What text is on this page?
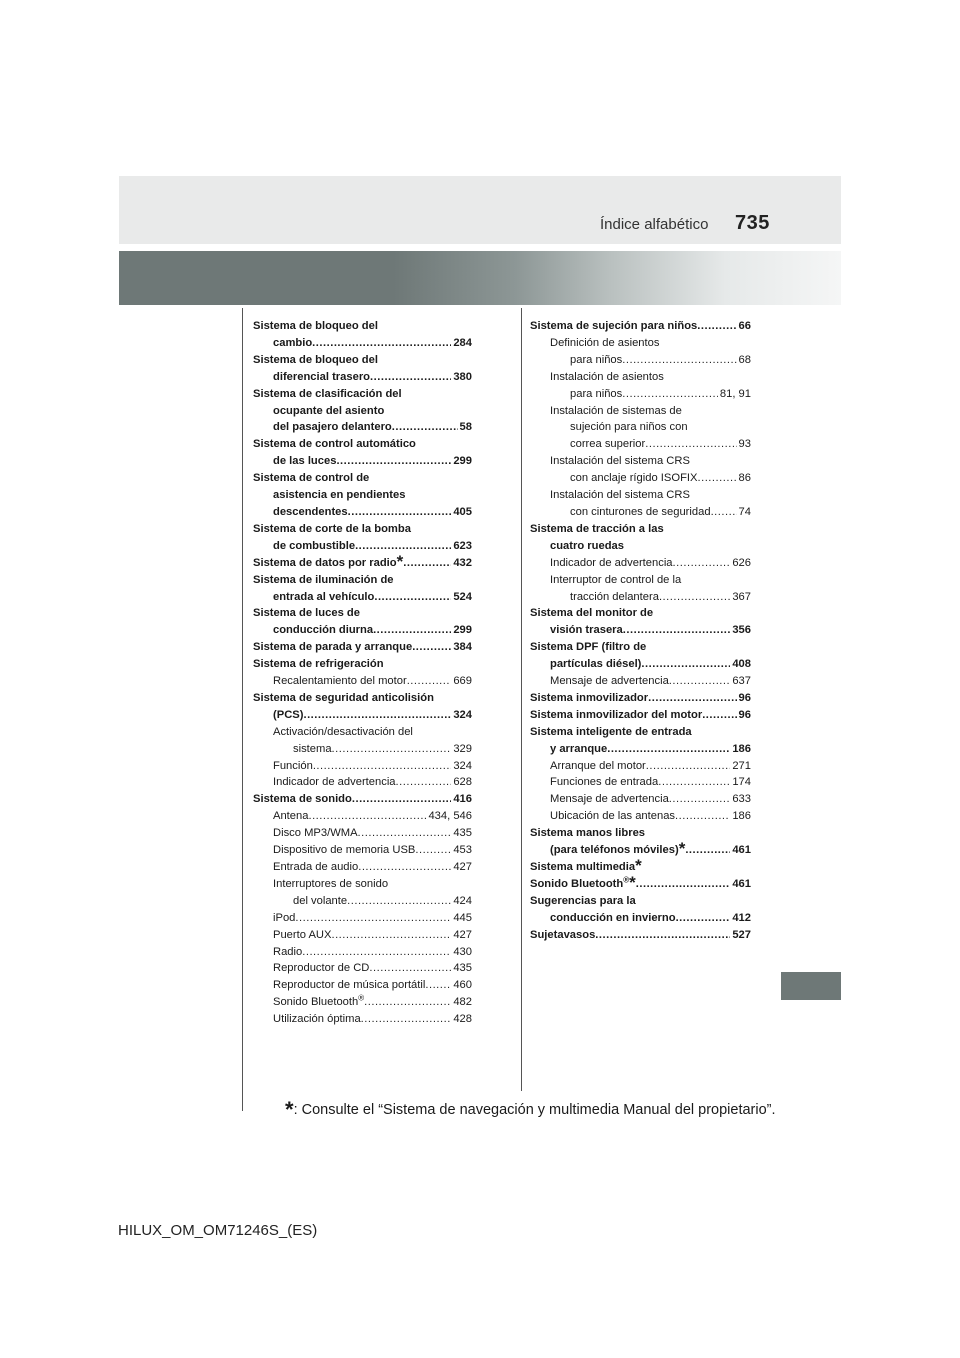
Índice alfabético 735
Sistema de bloqueo del
cambio .....	284
Sistema de bloqueo del
diferencial trasero .....	380
Sistema de clasificación del
ocupante del asiento
del pasajero delantero .....	58
Sistema de control automático
de las luces .....	299
Sistema de control de
asistencia en pendientes
descendentes .....	405
Sistema de corte de la bomba
de combustible .....	623
Sistema de datos por radio* .....	432
Sistema de iluminación de
entrada al vehículo .....	524
Sistema de luces de
conducción diurna .....	299
Sistema de parada y arranque .....	384
Sistema de refrigeración
Recalentamiento del motor .....	669
Sistema de seguridad anticolisión
(PCS) .....	324
Activación/desactivación del
sistema .....	329
Función .....	324
Indicador de advertencia .....	628
Sistema de sonido .....	416
Antena .....	434, 546
Disco MP3/WMA .....	435
Dispositivo de memoria USB .....	453
Entrada de audio .....	427
Interruptores de sonido
del volante .....	424
iPod .....	445
Puerto AUX .....	427
Radio .....	430
Reproductor de CD .....	435
Reproductor de música portátil ..... 460
Sonido Bluetooth® .....	482
Utilización óptima .....	428
Sistema de sujeción para niños .....	66
Definición de asientos
para niños .....	68
Instalación de asientos
para niños .....	81, 91
Instalación de sistemas de
sujeción para niños con
correa superior .....	93
Instalación del sistema CRS
con anclaje rígido ISOFIX .....	86
Instalación del sistema CRS
con cinturones de seguridad ..... 74
Sistema de tracción a las
cuatro ruedas
Indicador de advertencia .....	626
Interruptor de control de la
tracción delantera .....	367
Sistema del monitor de
visión trasera .....	356
Sistema DPF (filtro de
partículas diésel) .....	408
Mensaje de advertencia .....	637
Sistema inmovilizador .....	96
Sistema inmovilizador del motor .....	96
Sistema inteligente de entrada
y arranque .....	186
Arranque del motor .....	271
Funciones de entrada .....	174
Mensaje de advertencia .....	633
Ubicación de las antenas .....	186
Sistema manos libres
(para teléfonos móviles)* .....	461
Sistema multimedia*
Sonido Bluetooth®* .....	461
Sugerencias para la
conducción en invierno .....	412
Sujetavasos .....	527
*: Consulte el “Sistema de navegación y multimedia Manual del propietario”.
HILUX_OM_OM71246S_(ES)
